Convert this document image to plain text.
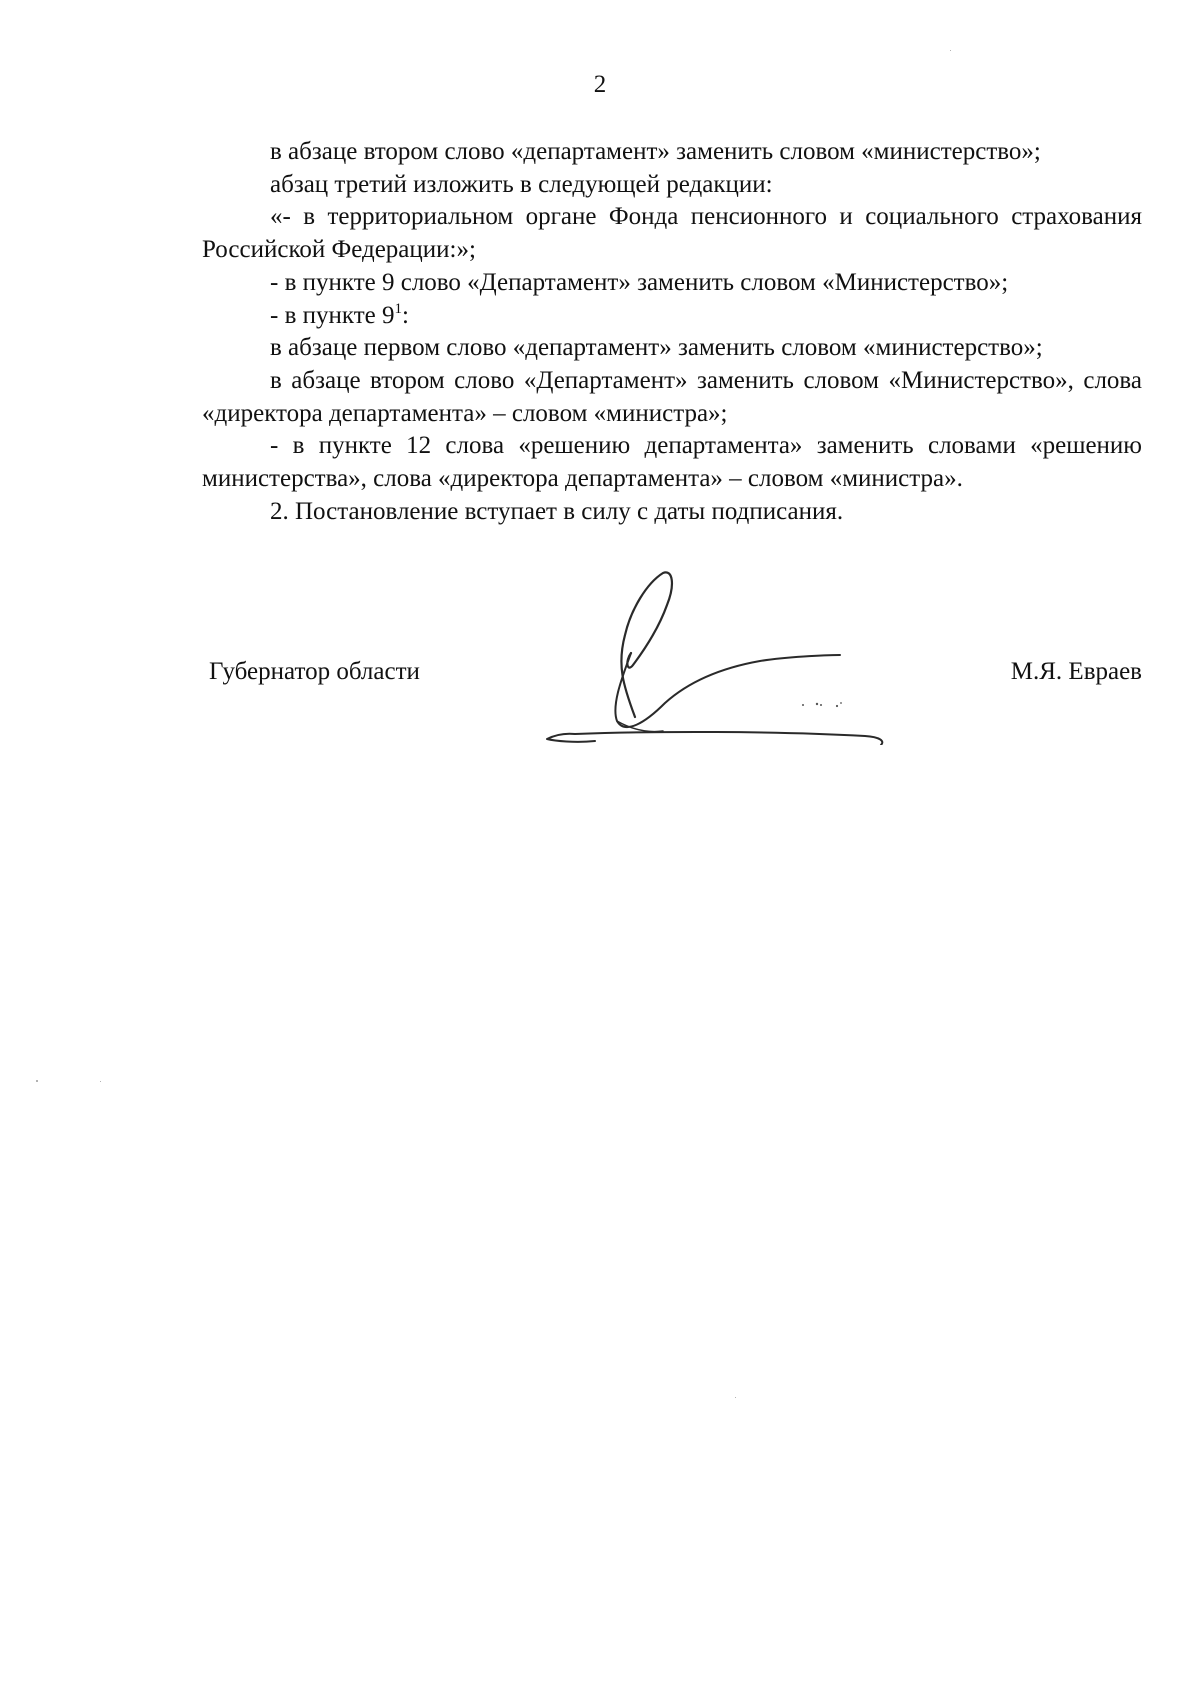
2

в абзаце втором слово «департамент» заменить словом «министерство»;

абзац третий изложить в следующей редакции:

«- в территориальном органе Фонда пенсионного и социального страхования Российской Федерации:»;

- в пункте 9 слово «Департамент» заменить словом «Министерство»;

- в пункте $9^1$:

в абзаце первом слово «департамент» заменить словом «министерство»;

в абзаце втором слово «Департамент» заменить словом «Министерство», слова «директора департамента» – словом «министра»;

- в пункте 12 слова «решению департамента» заменить словами «решению министерства», слова «директора департамента» – словом «министра».

2. Постановление вступает в силу с даты подписания.

Губернатор области	М.Я. Евраев
